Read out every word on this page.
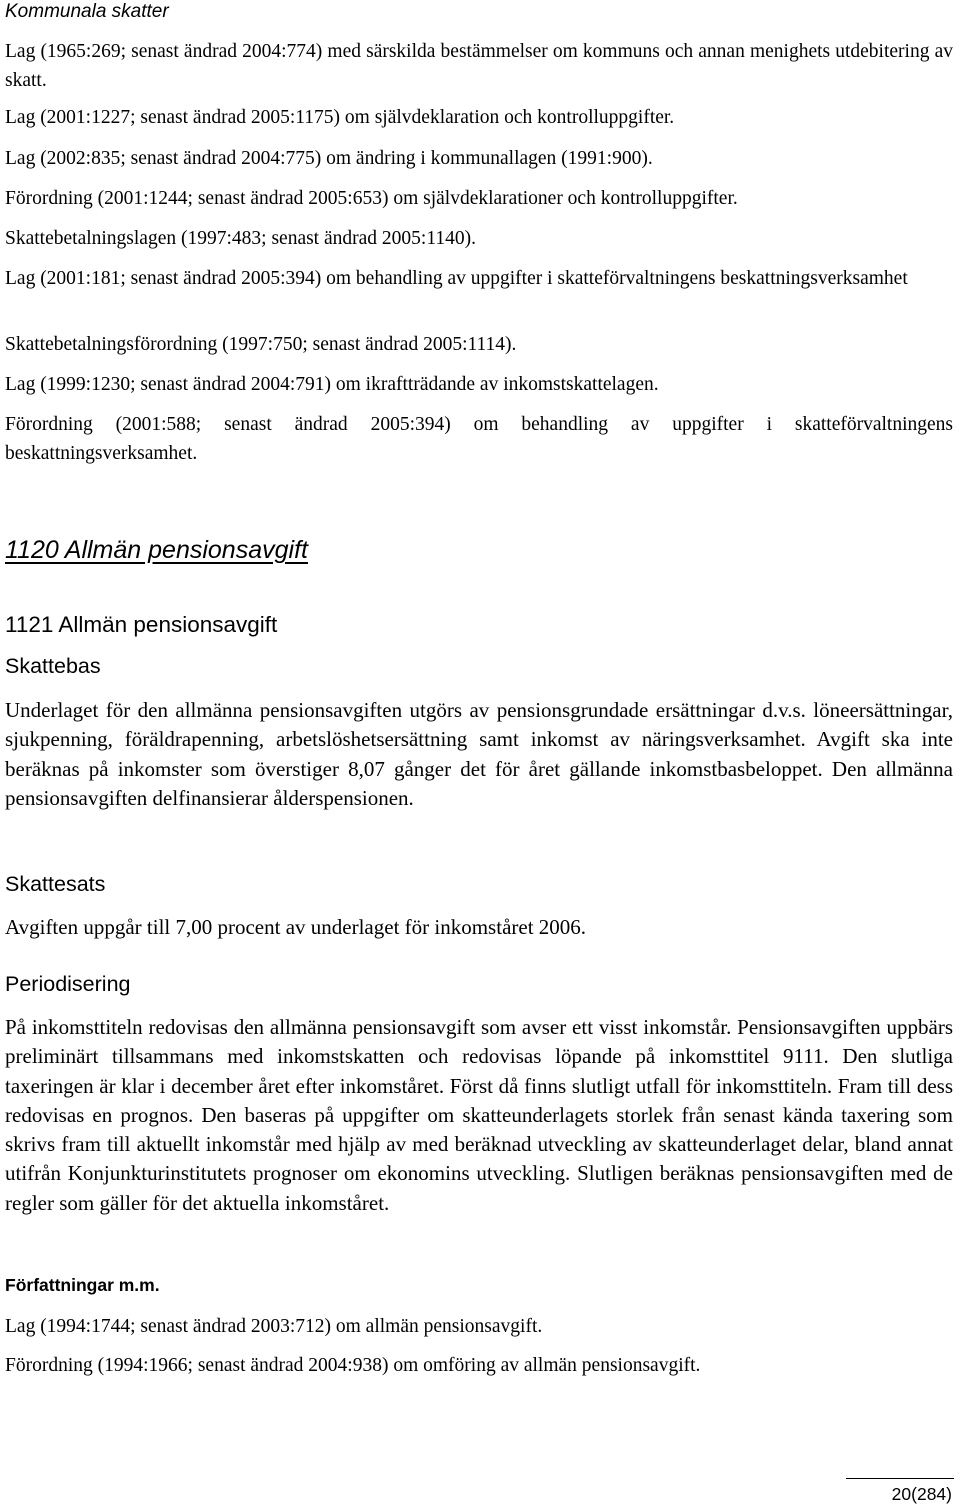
Kommunala skatter
Lag (1965:269; senast ändrad 2004:774) med särskilda bestämmelser om kommuns och annan menighets utdebitering av skatt.
Lag (2001:1227; senast ändrad 2005:1175) om självdeklaration och kontrolluppgifter.
Lag (2002:835; senast ändrad 2004:775) om ändring i kommunallagen (1991:900).
Förordning (2001:1244; senast ändrad 2005:653) om självdeklarationer och kontrolluppgifter.
Skattebetalningslagen (1997:483; senast ändrad 2005:1140).
Lag (2001:181; senast ändrad 2005:394) om behandling av uppgifter i skatteförvaltningens beskattningsverksamhet
Skattebetalningsförordning (1997:750; senast ändrad 2005:1114).
Lag (1999:1230; senast ändrad 2004:791) om ikraftträdande av inkomstskattelagen.
Förordning (2001:588; senast ändrad 2005:394) om behandling av uppgifter i skatteförvaltningens beskattningsverksamhet.
1120 Allmän pensionsavgift
1121 Allmän pensionsavgift
Skattebas
Underlaget för den allmänna pensionsavgiften utgörs av pensionsgrundade ersättningar d.v.s. löneersättningar, sjukpenning, föräldrapenning, arbetslöshetsersättning samt inkomst av näringsverksamhet. Avgift ska inte beräknas på inkomster som överstiger 8,07 gånger det för året gällande inkomstbasbeloppet. Den allmänna pensionsavgiften delfinansierar ålderspensionen.
Skattesats
Avgiften uppgår till 7,00 procent av underlaget för inkomståret 2006.
Periodisering
På inkomsttiteln redovisas den allmänna pensionsavgift som avser ett visst inkomstår. Pensionsavgiften uppbärs preliminärt tillsammans med inkomstskatten och redovisas löpande på inkomsttitel 9111. Den slutliga taxeringen är klar i december året efter inkomståret. Först då finns slutligt utfall för inkomsttiteln. Fram till dess redovisas en prognos. Den baseras på uppgifter om skatteunderlagets storlek från senast kända taxering som skrivs fram till aktuellt inkomstår med hjälp av med beräknad utveckling av skatteunderlaget delar, bland annat utifrån Konjunkturinstitutets prognoser om ekonomins utveckling. Slutligen beräknas pensionsavgiften med de regler som gäller för det aktuella inkomståret.
Författningar m.m.
Lag (1994:1744; senast ändrad 2003:712) om allmän pensionsavgift.
Förordning (1994:1966; senast ändrad 2004:938) om omföring av allmän pensionsavgift.
20(284)
